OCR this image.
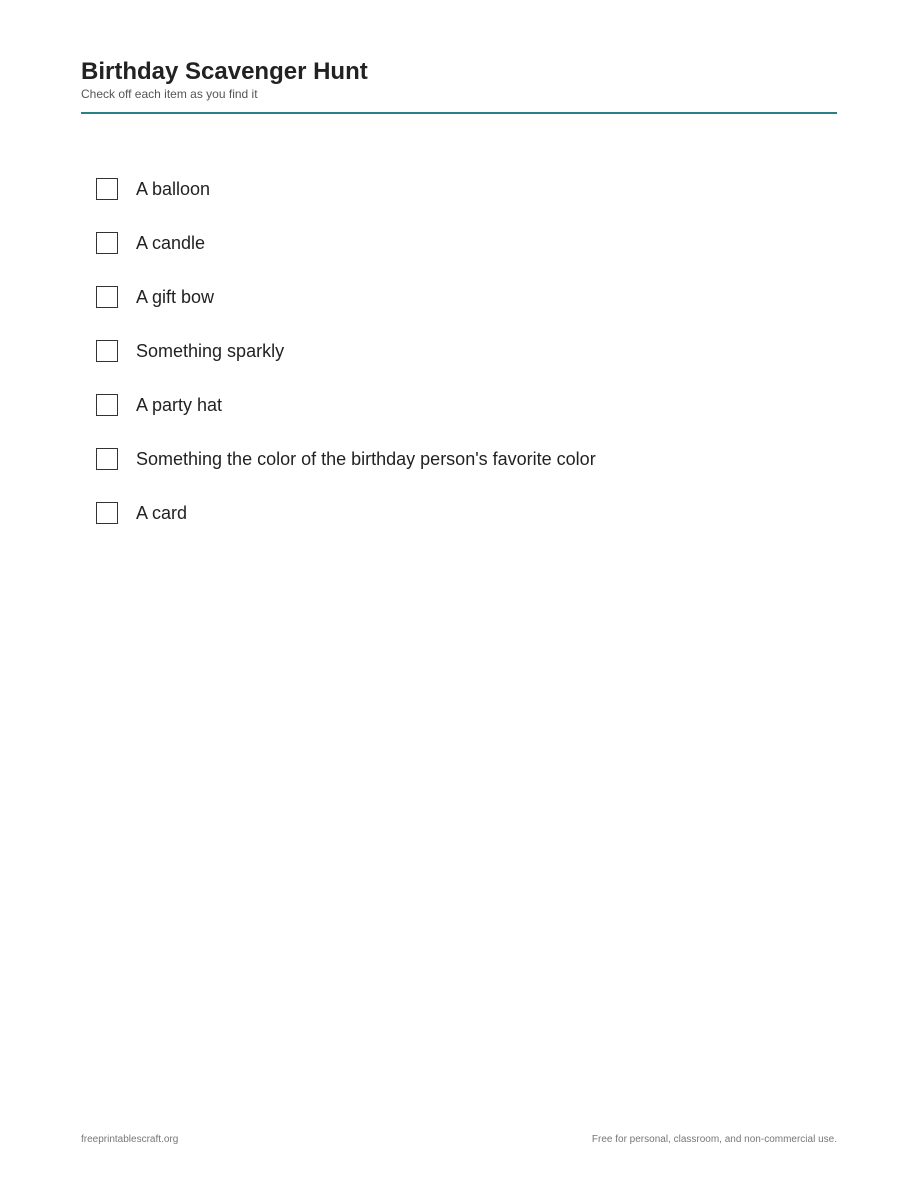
Birthday Scavenger Hunt

Check off each item as you find it

A balloon
A candle
A gift bow
Something sparkly
A party hat
Something the color of the birthday person's favorite color
A card
freeprintablescraft.org	Free for personal, classroom, and non-commercial use.
